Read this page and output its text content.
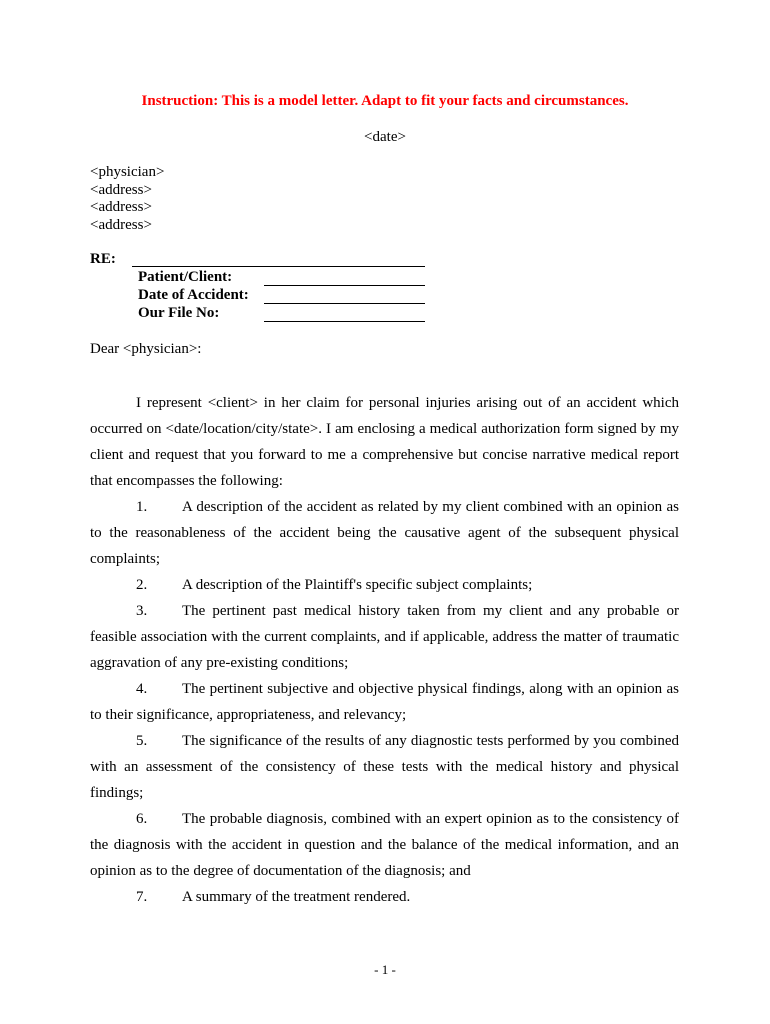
Instruction: This is a model letter. Adapt to fit your facts and circumstances.
<date>
<physician>
<address>
<address>
<address>
RE:
Patient/Client:
Date of Accident:
Our File No:
Dear <physician>:

I represent <client> in her claim for personal injuries arising out of an accident which occurred on <date/location/city/state>. I am enclosing a medical authorization form signed by my client and request that you forward to me a comprehensive but concise narrative medical report that encompasses the following:

1. A description of the accident as related by my client combined with an opinion as to the reasonableness of the accident being the causative agent of the subsequent physical complaints;

2. A description of the Plaintiff's specific subject complaints;

3. The pertinent past medical history taken from my client and any probable or feasible association with the current complaints, and if applicable, address the matter of traumatic aggravation of any pre-existing conditions;

4. The pertinent subjective and objective physical findings, along with an opinion as to their significance, appropriateness, and relevancy;

5. The significance of the results of any diagnostic tests performed by you combined with an assessment of the consistency of these tests with the medical history and physical findings;

6. The probable diagnosis, combined with an expert opinion as to the consistency of the diagnosis with the accident in question and the balance of the medical information, and an opinion as to the degree of documentation of the diagnosis; and

7. A summary of the treatment rendered.

- 1 -
